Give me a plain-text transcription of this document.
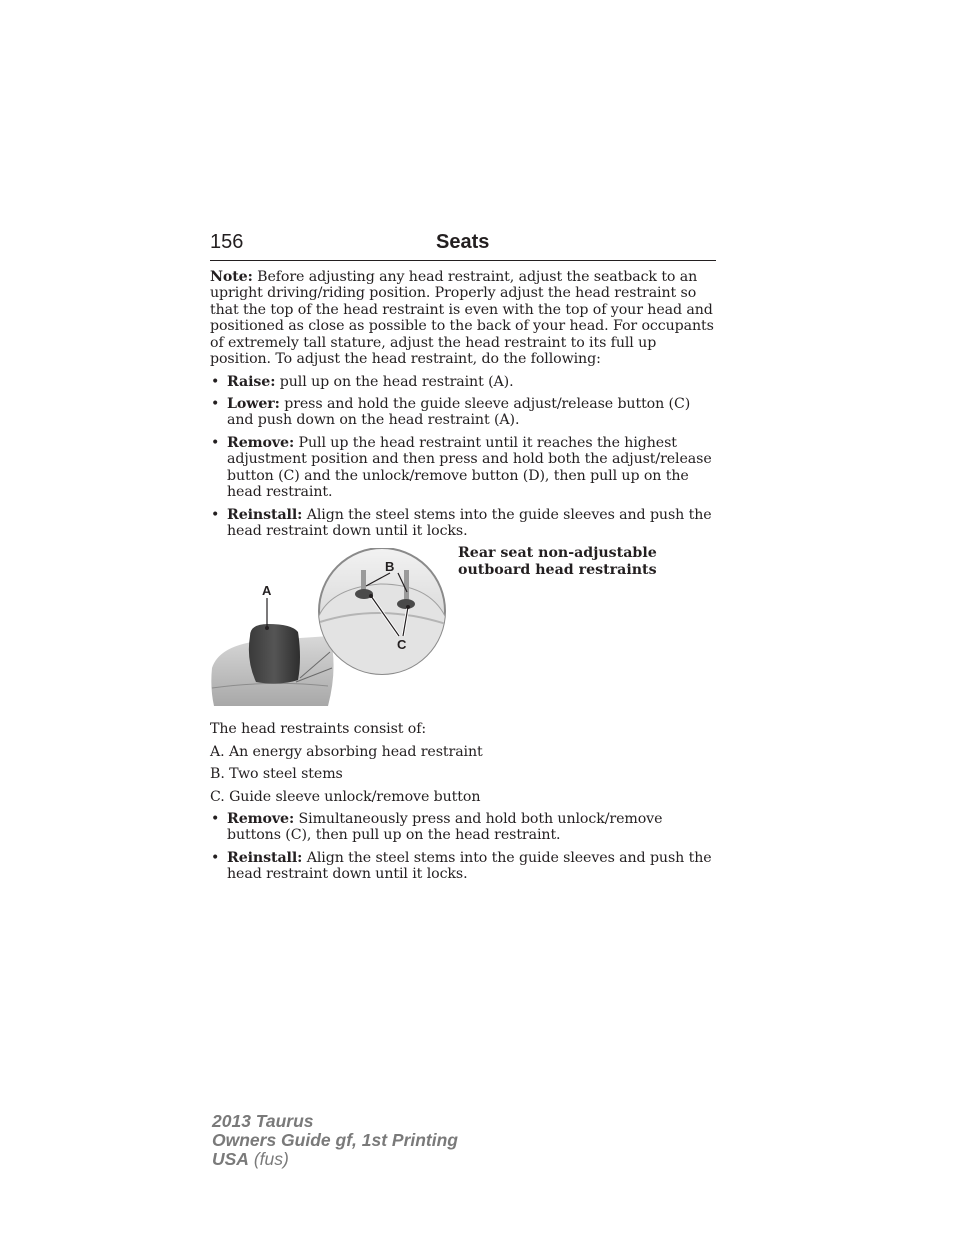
156	Seats

Note: Before adjusting any head restraint, adjust the seatback to an upright driving/riding position. Properly adjust the head restraint so that the top of the head restraint is even with the top of your head and positioned as close as possible to the back of your head. For occupants of extremely tall stature, adjust the head restraint to its full up position. To adjust the head restraint, do the following:

• Raise: pull up on the head restraint (A).
• Lower: press and hold the guide sleeve adjust/release button (C) and push down on the head restraint (A).
• Remove: Pull up the head restraint until it reaches the highest adjustment position and then press and hold both the adjust/release button (C) and the unlock/remove button (D), then pull up on the head restraint.
• Reinstall: Align the steel stems into the guide sleeves and push the head restraint down until it locks.
A
B
C
Rear seat non-adjustable outboard head restraints

The head restraints consist of:

A. An energy absorbing head restraint

B. Two steel stems

C. Guide sleeve unlock/remove button

• Remove: Simultaneously press and hold both unlock/remove buttons (C), then pull up on the head restraint.
• Reinstall: Align the steel stems into the guide sleeves and push the head restraint down until it locks.
2013 Taurus
Owners Guide gf, 1st Printing
USA (fus)
